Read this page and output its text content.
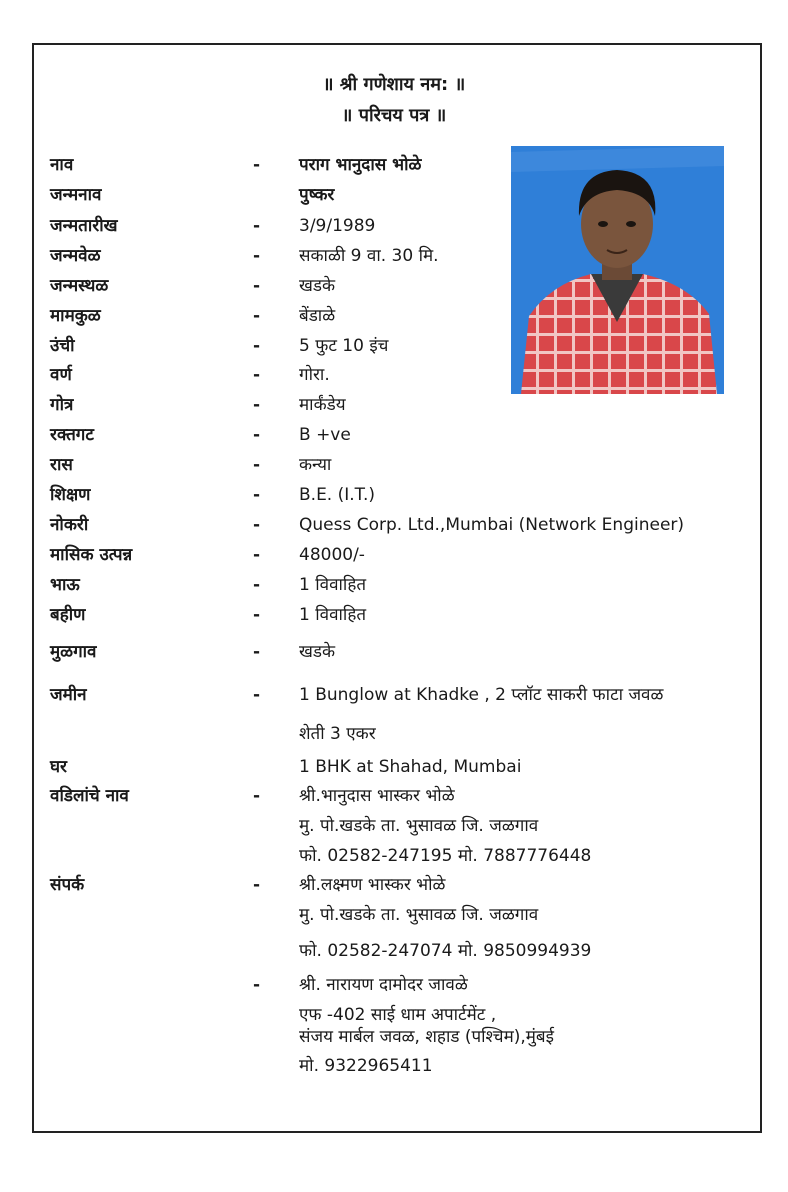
॥ श्री गणेशाय नम: ॥
॥ परिचय पत्र ॥
नाव	- पराग भानुदास भोळे
जन्मनाव	पुष्कर
जन्मतारीख	- 3/9/1989
जन्मवेळ	- सकाळी 9 वा. 30 मि.
जन्मस्थळ	- खडके
मामकुळ	- बेंडाळे
उंची	- 5 फुट 10 इंच
वर्ण	- गोरा.
गोत्र	- मार्कंडेय
रक्तगट	- B +ve
रास	- कन्या
शिक्षण	- B.E. (I.T.)
नोकरी	- Quess Corp. Ltd.,Mumbai (Network Engineer)
मासिक उत्पन्न	- 48000/-
भाऊ	- 1 विवाहित
बहीण	- 1 विवाहित
मुळगाव	- खडके
जमीन	- 1 Bunglow at Khadke , 2 प्लॉट साकरी फाटा जवळ
शेती 3 एकर
घर	1 BHK at Shahad, Mumbai
वडिलांचे नाव	- श्री.भानुदास भास्कर भोळे
मु. पो.खडके ता. भुसावळ जि. जळगाव
फो. 02582-247195 मो. 7887776448
संपर्क	- श्री.लक्ष्मण भास्कर भोळे
मु. पो.खडके ता. भुसावळ जि. जळगाव
फो. 02582-247074 मो. 9850994939
- श्री. नारायण दामोदर जावळे
एफ -402 साई धाम अपार्टमेंट ,
संजय मार्बल जवळ, शहाड (पश्चिम),मुंबई
मो. 9322965411
